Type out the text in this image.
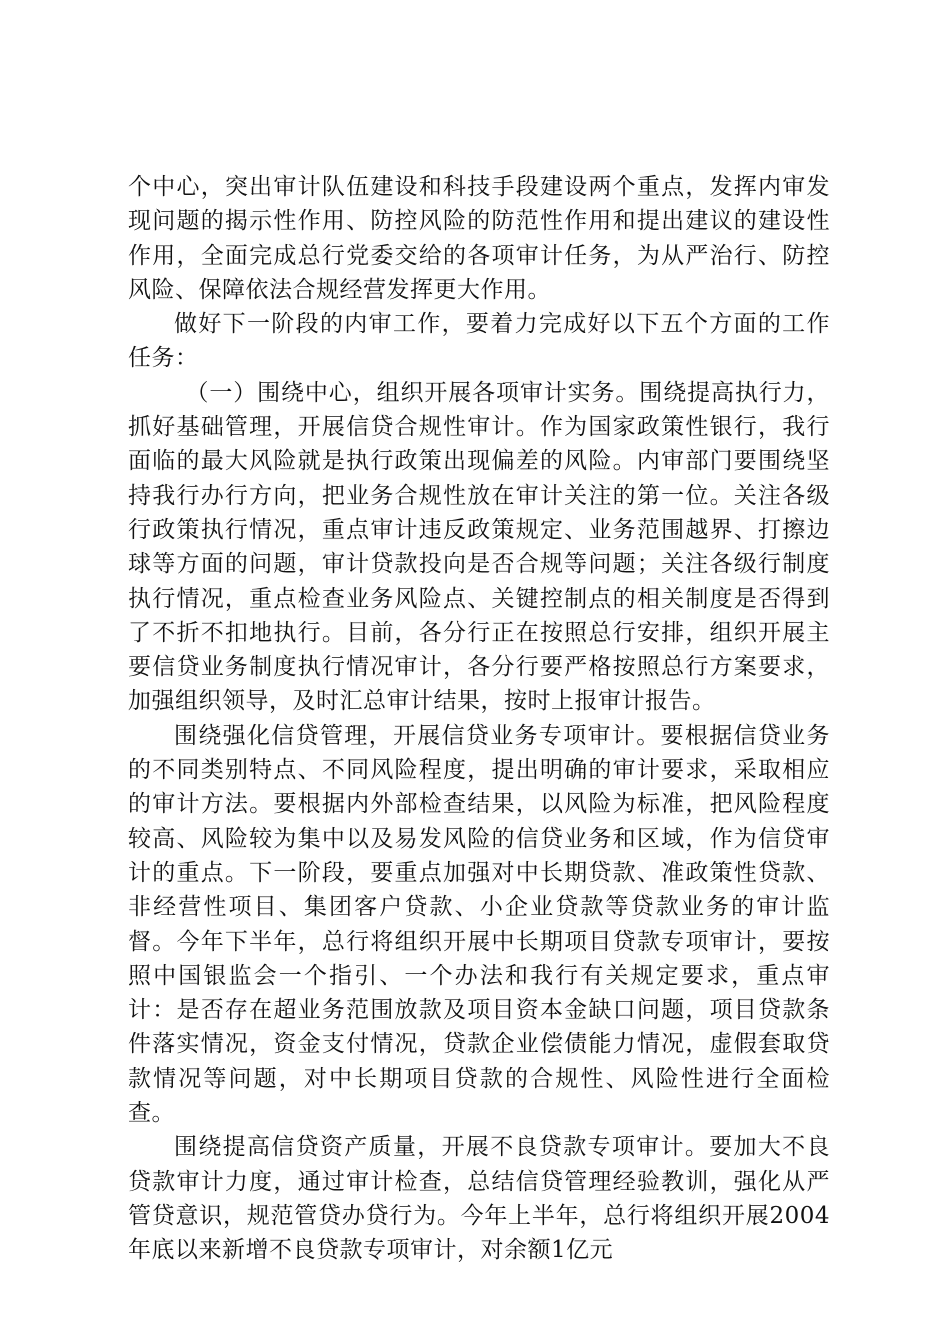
个中心，突出审计队伍建设和科技手段建设两个重点，发挥内审发现问题的揭示性作用、防控风险的防范性作用和提出建议的建设性作用，全面完成总行党委交给的各项审计任务，为从严治行、防控风险、保障依法合规经营发挥更大作用。

做好下一阶段的内审工作，要着力完成好以下五个方面的工作任务：

（一）围绕中心，组织开展各项审计实务。围绕提高执行力，抓好基础管理，开展信贷合规性审计。作为国家政策性银行，我行面临的最大风险就是执行政策出现偏差的风险。内审部门要围绕坚持我行办行方向，把业务合规性放在审计关注的第一位。关注各级行政策执行情况，重点审计违反政策规定、业务范围越界、打擦边球等方面的问题，审计贷款投向是否合规等问题；关注各级行制度执行情况，重点检查业务风险点、关键控制点的相关制度是否得到了不折不扣地执行。目前，各分行正在按照总行安排，组织开展主要信贷业务制度执行情况审计，各分行要严格按照总行方案要求，加强组织领导，及时汇总审计结果，按时上报审计报告。

围绕强化信贷管理，开展信贷业务专项审计。要根据信贷业务的不同类别特点、不同风险程度，提出明确的审计要求，采取相应的审计方法。要根据内外部检查结果，以风险为标准，把风险程度较高、风险较为集中以及易发风险的信贷业务和区域，作为信贷审计的重点。下一阶段，要重点加强对中长期贷款、准政策性贷款、非经营性项目、集团客户贷款、小企业贷款等贷款业务的审计监督。今年下半年，总行将组织开展中长期项目贷款专项审计，要按照中国银监会一个指引、一个办法和我行有关规定要求，重点审计：是否存在超业务范围放款及项目资本金缺口问题，项目贷款条件落实情况，资金支付情况，贷款企业偿债能力情况，虚假套取贷款情况等问题，对中长期项目贷款的合规性、风险性进行全面检查。

围绕提高信贷资产质量，开展不良贷款专项审计。要加大不良贷款审计力度，通过审计检查，总结信贷管理经验教训，强化从严管贷意识，规范管贷办贷行为。今年上半年，总行将组织开展2004年底以来新增不良贷款专项审计，对余额1亿元
